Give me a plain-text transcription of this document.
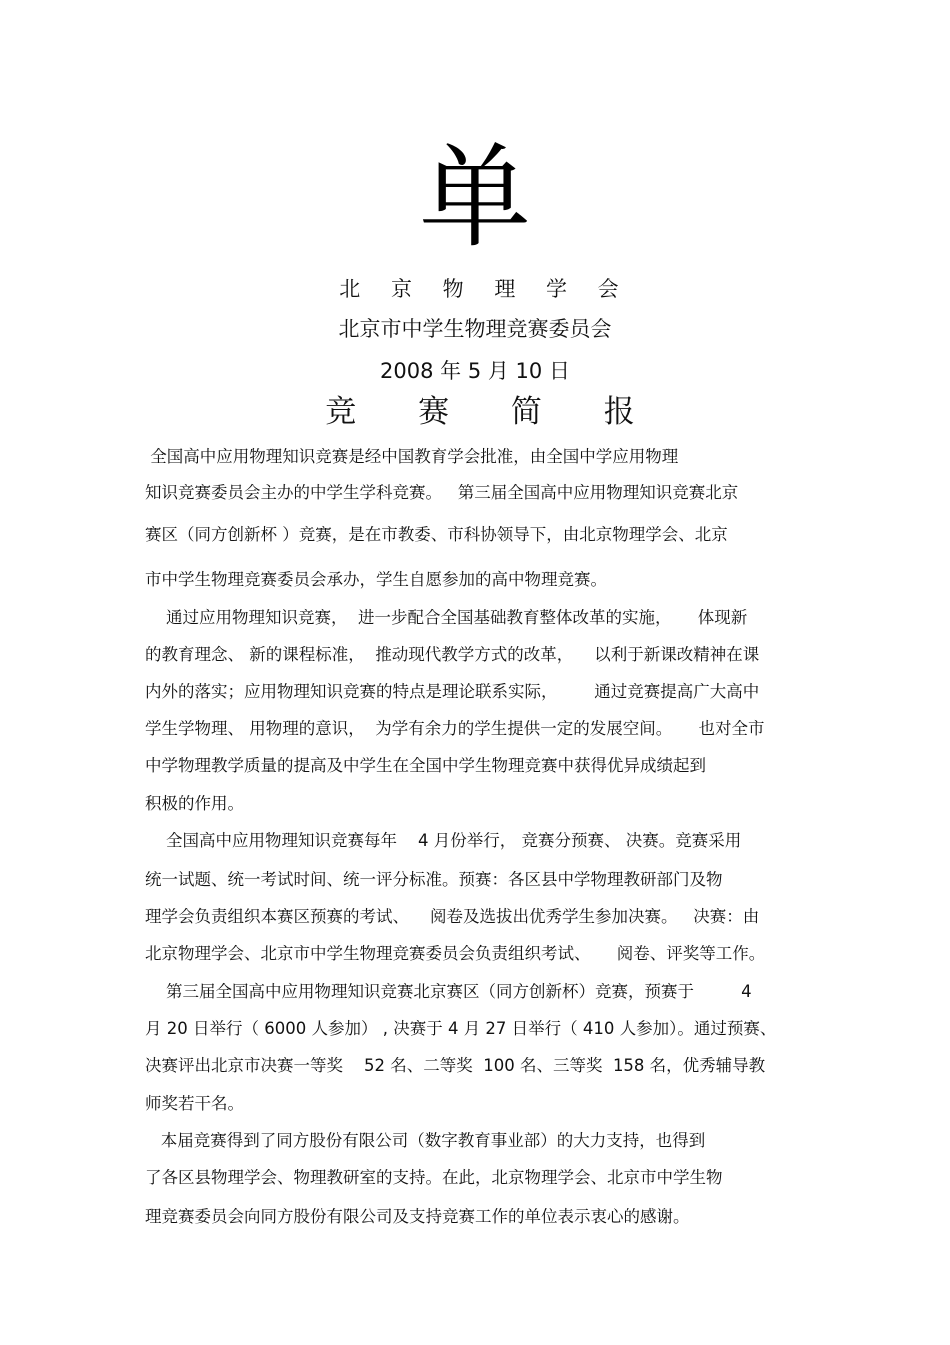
单
北 京 物 理 学 会
北京市中学生物理竞赛委员会
2008 年 5 月 10 日
竞 赛 简 报
全国高中应用物理知识竞赛是经中国教育学会批准，由全国中学应用物理
知识竞赛委员会主办的中学生学科竞赛。   第三届全国高中应用物理知识竞赛北京
赛区（同方创新杯 ）竞赛，是在市教委、市科协领导下，由北京物理学会、北京
市中学生物理竞赛委员会承办，学生自愿参加的高中物理竞赛。
通过应用物理知识竞赛，  进一步配合全国基础教育整体改革的实施，     体现新
的教育理念、 新的课程标准，  推动现代教学方式的改革，    以利于新课改精神在课
内外的落实；应用物理知识竞赛的特点是理论联系实际，       通过竞赛提高广大高中
学生学物理、 用物理的意识，  为学有余力的学生提供一定的发展空间。     也对全市
中学物理教学质量的提高及中学生在全国中学生物理竞赛中获得优异成绩起到
积极的作用。
全国高中应用物理知识竞赛每年    4 月份举行， 竞赛分预赛、 决赛。竞赛采用
统一试题、统一考试时间、统一评分标准。预赛：各区县中学物理教研部门及物
理学会负责组织本赛区预赛的考试、    阅卷及选拔出优秀学生参加决赛。   决赛：由
北京物理学会、北京市中学生物理竞赛委员会负责组织考试、     阅卷、评奖等工作。
第三届全国高中应用物理知识竞赛北京赛区（同方创新杯）竞赛，预赛于         4
月 20 日举行（ 6000 人参加） , 决赛于 4 月 27 日举行（ 410 人参加）。通过预赛、
决赛评出北京市决赛一等奖    52 名、二等奖  100 名、三等奖  158 名，优秀辅导教
师奖若干名。
本届竞赛得到了同方股份有限公司（数字教育事业部）的大力支持，也得到
了各区县物理学会、物理教研室的支持。在此，北京物理学会、北京市中学生物
理竞赛委员会向同方股份有限公司及支持竞赛工作的单位表示衷心的感谢。
